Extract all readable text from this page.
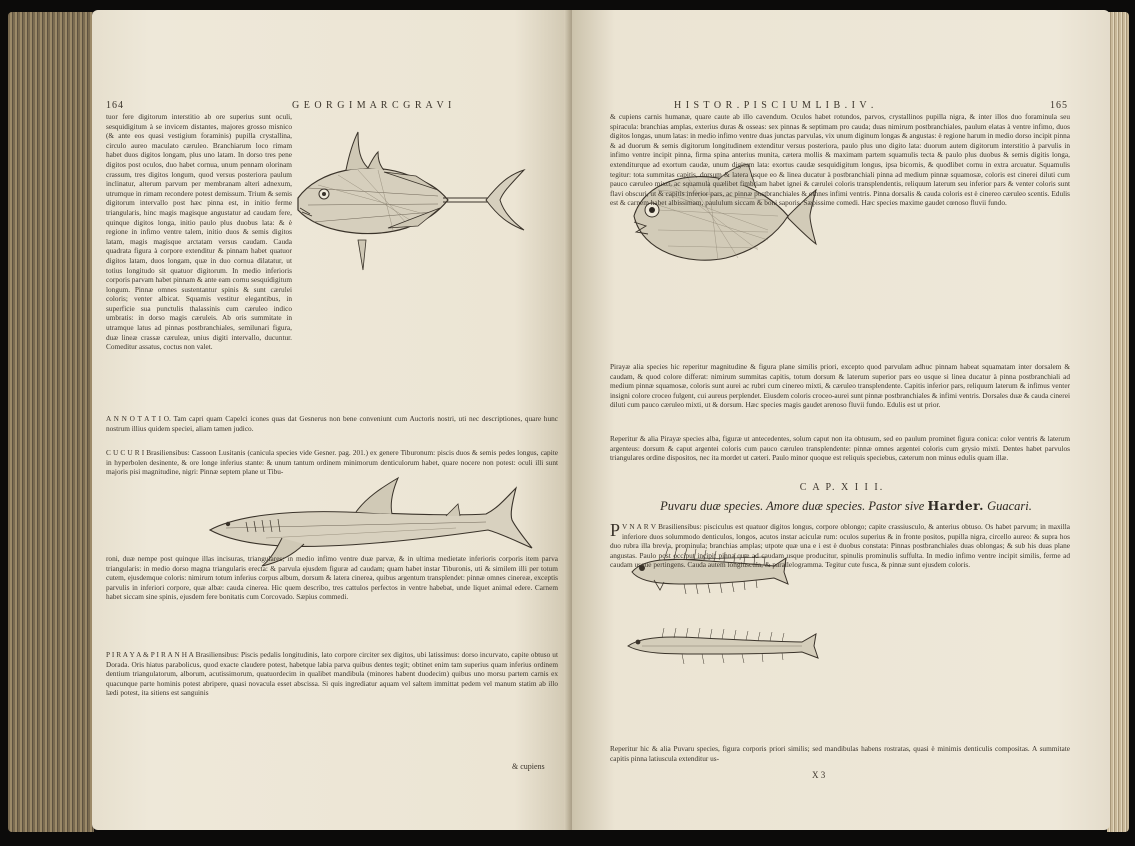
164	G E O R G I M A R C G R A V I

tuor fere digitorum interstitio ab ore superius sunt oculi, sesquidigitum à se invicem distantes, majores grosso misnico (& ante eos quasi vestigium foraminis) pupilla crystallina, circulo aureo maculato cæruleo. Branchiarum loco rimam habet duos digitos longam, plus uno latam. In dorso tres pene digitos post oculos, duo habet cornua, unum pennam olorinam crassum, tres digitos longum, quod versus posteriora paulum inclinatur, alterum parvum per membranam alteri adnexum, utrumque in rimam recondere potest demissum. Trium & semis digitorum intervallo post hæc pinna est, in initio ferme triangularis, hinc magis magisque angustatur ad caudam fere, quinque digitos longa, initio paulo plus duobus lata: & è regione in infimo ventre talem, initio duos & semis digitos latam, magis magisque arctatam versus caudam. Cauda quadrata figura à corpore extenditur & pinnam habet quatuor digitos latam, duos longam, quæ in duo cornua dilatatur, ut totius longitudo sit quatuor digitorum. In medio inferioris corporis parvam habet pinnam & ante eam cornu sesquidigitum longum. Pinnæ omnes sustentantur spinis & sunt cærulei coloris; venter albicat. Squamis vestitur elegantibus, in superficie sua punctulis thalassinis cum cæruleo indico umbratis: in dorso magis cæruleis. Ab oris summitate in utramque latus ad pinnas postbranchiales, semilunari figura, duæ lineæ crassæ cæruleæ, unius digiti intervallo, ducuntur. Comeditur assatus, coctus non valet.

A N N O T A T I O. Tam capri quam Capelci icones quas dat Gesnerus non bene conveniunt cum Auctoris nostri, uti nec descriptiones, quare hunc nostrum illius quidem speciei, aliam tamen judico.

C U C U R I Brasiliensibus: Cassoon Lusitanis (canicula species vide Gesner. pag. 201.) ex genere Tiburonum: piscis duos & semis pedes longus, capite in hyperbolen desinente, & ore longe inferius stante: & unum tantum ordinem minimorum denticulorum habet, quare nocere non potest: oculi illi sunt majoris pisi magnitudine, nigri: Pinnæ septem plane ut Tibu-

roni, duæ nempe post quinque illas incisuras, triangulares; in medio infimo ventre duæ parvæ, & in ultima medietate inferioris corporis item parva triangularis: in medio dorso magna triangularis erecta: & parvula ejusdem figuræ ad caudam; quam habet instar Tiburonis, uti & similem illi per totum cutem, ejusdemque coloris: nimirum totum inferius corpus album, dorsum & latera cinerea, quibus argentum transplendet: pinnæ omnes cinereæ, exceptis parvulis in inferiori corpore, quæ albæ: cauda cinerea. Hic quem describo, tres cattulos perfectos in ventre habebat, unde liquet animal edere. Carnem habet siccam sine spinis, ejusdem fere bonitatis cum Corcovado. Sæpius commedi.

P I R A Y A & P I R A N H A Brasiliensibus: Piscis pedalis longitudinis, lato corpore circiter sex digitos, ubi latissimus: dorso incurvato, capite obtuso ut Dorada. Oris hiatus parabolicus, quod exacte claudere potest, habetque labia parva quibus dentes tegit; obtinet enim tam superius quam inferius ordinem dentium triangulatorum, alborum, acutissimorum, quatuordecim in qualibet mandibula (minores habent duodecim) quibus uno morsu partem carnis ex quacunque parte hominis potest abripere, quasi novacula esset abscissa. Si quis ingrediatur aquam vel saltem immittat pedem vel manum statim ab illo lædi potest, ita sitiens est sanguinis

& cupiens
H I S T O R . P I S C I U M L I B . I V .	165

& cupiens carnis humanæ, quare caute ab illo cavendum. Oculos habet rotundos, parvos, crystallinos pupilla nigra, & inter illos duo foraminula seu spiracula: branchias amplas, exterius duras & osseas: sex pinnas & septimam pro cauda; duas nimirum postbranchiales, paulum elatas à ventre infimo, duos digitos longas, unum latas: in medio infimo ventre duas junctas parvulas, vix unum diginum longas & angustas: è regione harum in medio dorso incipit pinna & ad duorum & semis digitorum longitudinem extenditur versus posteriora, paulo plus uno digito lata: duorum autem digitorum interstitio à parvulis in infimo ventre incipit pinna, firma spina anterius munita, cætera mollis & maximam partem squamulis tecta & paulo plus duobus & semis digitis longa, extenditurque ad exortum caudæ, unum digitum lata: exortus caudæ sesquidigitum longus, ipsa bicornis, & quodlibet cornu in extra arcuatur. Squamulis tegitur: tota summitas capitis, dorsum & latera usque eo & linea ducatur à postbranchiali pinna ad medium pinnæ squamosæ, coloris est cinerei diluti cum pauco cæruleo mixti, ac squamula quælibet fimbriam habet ignei & cærulei coloris transplendentis, reliquum laterum seu inferior pars & venter coloris sunt flavi obscuri, ut & capitis inferior pars, ac pinnæ postbranchiales & omnes infimi ventris. Pinna dorsalis & cauda coloris est è cinereo cæruleo scentis. Edulis est & carnem habet albissimam, paululum siccam & boni saporis. Sæpissime comedi. Hæc species maxime gaudet cœnoso fluvii fundo.

Pirayæ alia species hic reperitur magnitudine & figura plane similis priori, excepto quod parvulam adhuc pinnam habeat squamatam inter dorsalem & caudam, & quod colore differat: nimirum summitas capitis, totum dorsum & laterum superior pars eo usque si linea ducatur à pinna postbranchiali ad medium pinnæ squamosæ, coloris sunt aurei ac rubri cum cinereo mixti, & cæruleo transplendente. Capitis inferior pars, reliquum laterum & infimus venter insigni colore croceo fulgent, cui aureus perplendet. Eiusdem coloris croceo-aurei sunt pinnæ postbranchiales & infimi ventris. Dorsales duæ & cauda cinerei diluti cum pauco cæruleo mixti, ut & dorsum. Hæc species magis gaudet arenoso fluvii fundo. Edulis est ut prior.

Reperitur & alia Pirayæ species alba, figuræ ut antecedentes, solum caput non ita obtusum, sed eo paulum prominet figura conica: color ventris & laterum argenteus: dorsum & caput argentei coloris cum pauco cæruleo transplendente: pinnæ omnes argentei coloris cum grysio mixti. Dentes habet parvulos triangulares ordine dispositos, nec ita mordet ut cæteri. Paulo minor quoque est reliquis speciebus, cæterum non minus edulis quam illæ.

C A P. X I I I.
Puvaru duæ species. Amore duæ species. Pastor sive Harder. Guacari.

P V N A R V Brasiliensibus: pisciculus est quatuor digitos longus, corpore oblongo; capite crassiusculo, & anterius obtuso. Os habet parvum; in maxilla inferiore duos solummodo denticulos, longos, acutos instar aciculæ rum: oculos superius & in fronte positos, pupilla nigra, circello aureo: & supra hos duo rubra illa brevia, prominula; branchias amplas; utpote quæ una e i est è duobus constata: Pinnas postbranchiales duas oblongas; & sub his duas plane angustas. Paulo post occiput incipit pinna quæ ad caudam usque producitur, spinulis prominulis suffulta. In medio infimo ventre incipit similis, ferme ad caudam usque pertingens. Cauda autem longiuscula, & parallelogramma. Tegitur cute fusca, & pinnæ sunt ejusdem coloris.

Reperitur hic & alia Puvaru species, figura corporis priori similis; sed mandibulas habens rostratas, quasi è minimis denticulis compositas. A summitate capitis pinna latiuscula extenditur us-

X 3
